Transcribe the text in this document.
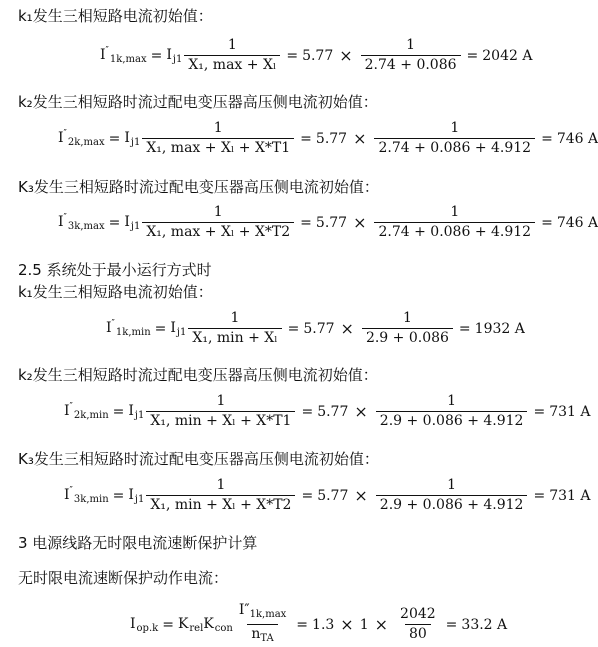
k₁发生三相短路电流初始值：
k₂发生三相短路时流过配电变压器高压侧电流初始值：
K₃发生三相短路时流过配电变压器高压侧电流初始值：
2.5 系统处于最小运行方式时
k₁发生三相短路电流初始值：
k₂发生三相短路时流过配电变压器高压侧电流初始值：
K₃发生三相短路时流过配电变压器高压侧电流初始值：
3 电源线路无时限电流速断保护计算
无时限电流速断保护动作电流：
$I''_{1k,max} = I_{j1} \frac{1}{\text{X₁, max + Xₗ}} = 5.77 \times \frac{1}{2.74 + 0.086} = 2042$ A
$I''_{2k,max} = I_{j1} \frac{1}{\text{X₁, max + Xₗ + X*T1}} = 5.77 \times \frac{1}{2.74 + 0.086 + 4.912} = 746$ A
$I''_{3k,max} = I_{j1} \frac{1}{\text{X₁, max + Xₗ + X*T2}} = 5.77 \times \frac{1}{2.74 + 0.086 + 4.912} = 746$ A
$I''_{1k,min} = I_{j1} \frac{1}{\text{X₁, min + Xₗ}} = 5.77 \times \frac{1}{2.9 + 0.086} = 1932$ A
$I''_{2k,min} = I_{j1} \frac{1}{\text{X₁, min + Xₗ + X*T1}} = 5.77 \times \frac{1}{2.9 + 0.086 + 4.912} = 731$ A
$I''_{3k,min} = I_{j1} \frac{1}{\text{X₁, min + Xₗ + X*T2}} = 5.77 \times \frac{1}{2.9 + 0.086 + 4.912} = 731$ A
$I_{op.k} = K_{rel}$ $K_{con} \frac{I''_{1k,max}}{n_{TA}} = 1.3 \times 1 \times \frac{2042}{80} = 33.2$ A
